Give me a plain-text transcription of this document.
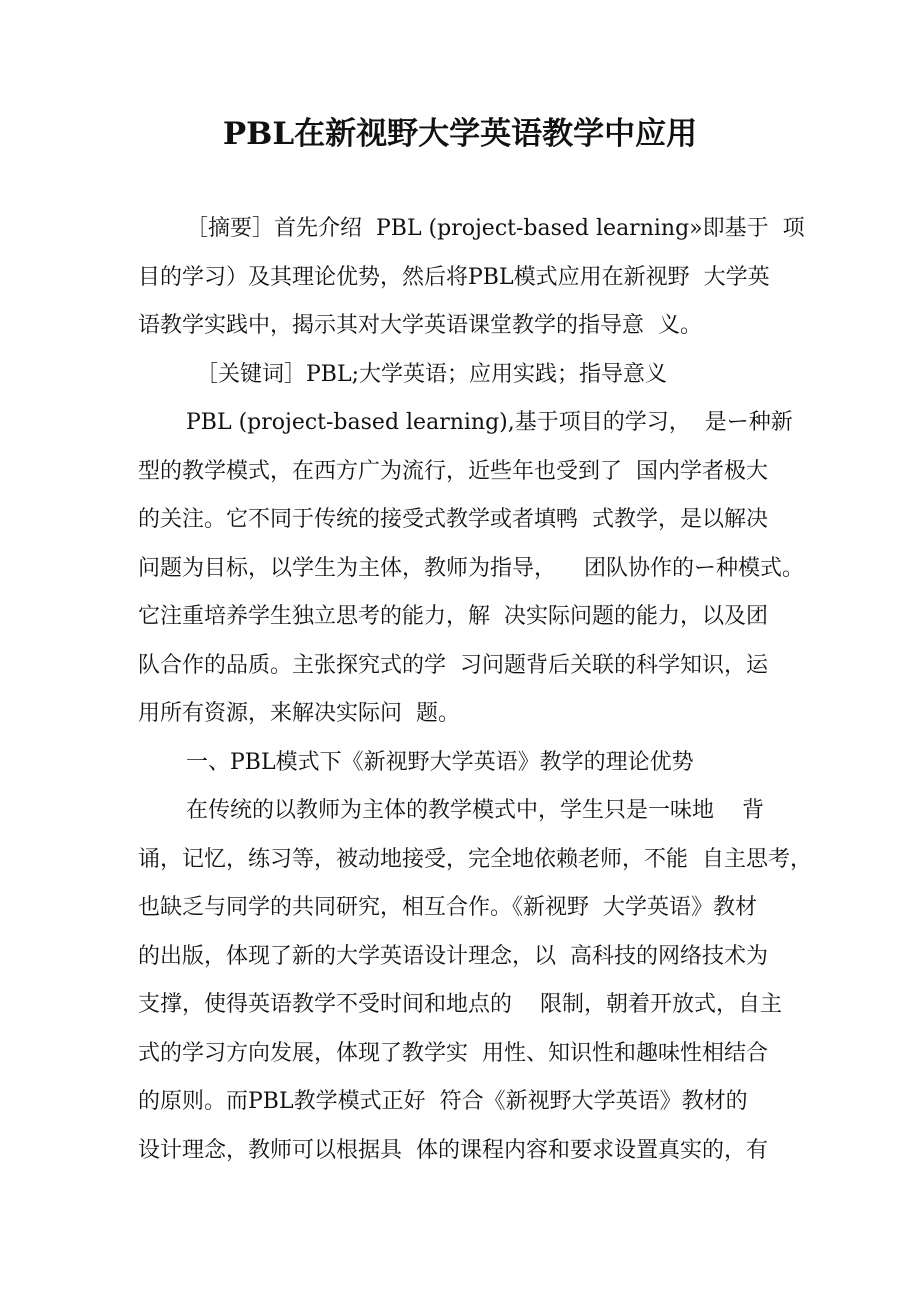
PBL在新视野大学英语教学中应用
［摘要］首先介绍  PBL (project-based learning»即基于  项
目的学习）及其理论优势，然后将PBL模式应用在新视野  大学英
语教学实践中，揭示其对大学英语课堂教学的指导意  义。
［关键词］PBL;大学英语；应用实践；指导意义
PBL (project-based learning),基于项目的学习，  是ー种新
型的教学模式，在西方广为流行，近些年也受到了  国内学者极大
的关注。它不同于传统的接受式教学或者填鸭  式教学，是以解决
问题为目标，以学生为主体，教师为指导，    团队协作的ー种模式。
它注重培养学生独立思考的能力，解  决实际问题的能力，以及团
队合作的品质。主张探究式的学  习问题背后关联的科学知识，运
用所有资源，来解决实际问  题。
一、PBL模式下《新视野大学英语》教学的理论优势
在传统的以教师为主体的教学模式中，学生只是一味地    背
诵，记忆，练习等，被动地接受，完全地依赖老师，不能  自主思考，
也缺乏与同学的共同研究，相互合作。《新视野  大学英语》教材
的出版，体现了新的大学英语设计理念，以  高科技的网络技术为
支撑，使得英语教学不受时间和地点的    限制，朝着开放式，自主
式的学习方向发展，体现了教学实  用性、知识性和趣味性相结合
的原则。而PBL教学模式正好  符合《新视野大学英语》教材的
设计理念，教师可以根据具  体的课程内容和要求设置真实的，有
